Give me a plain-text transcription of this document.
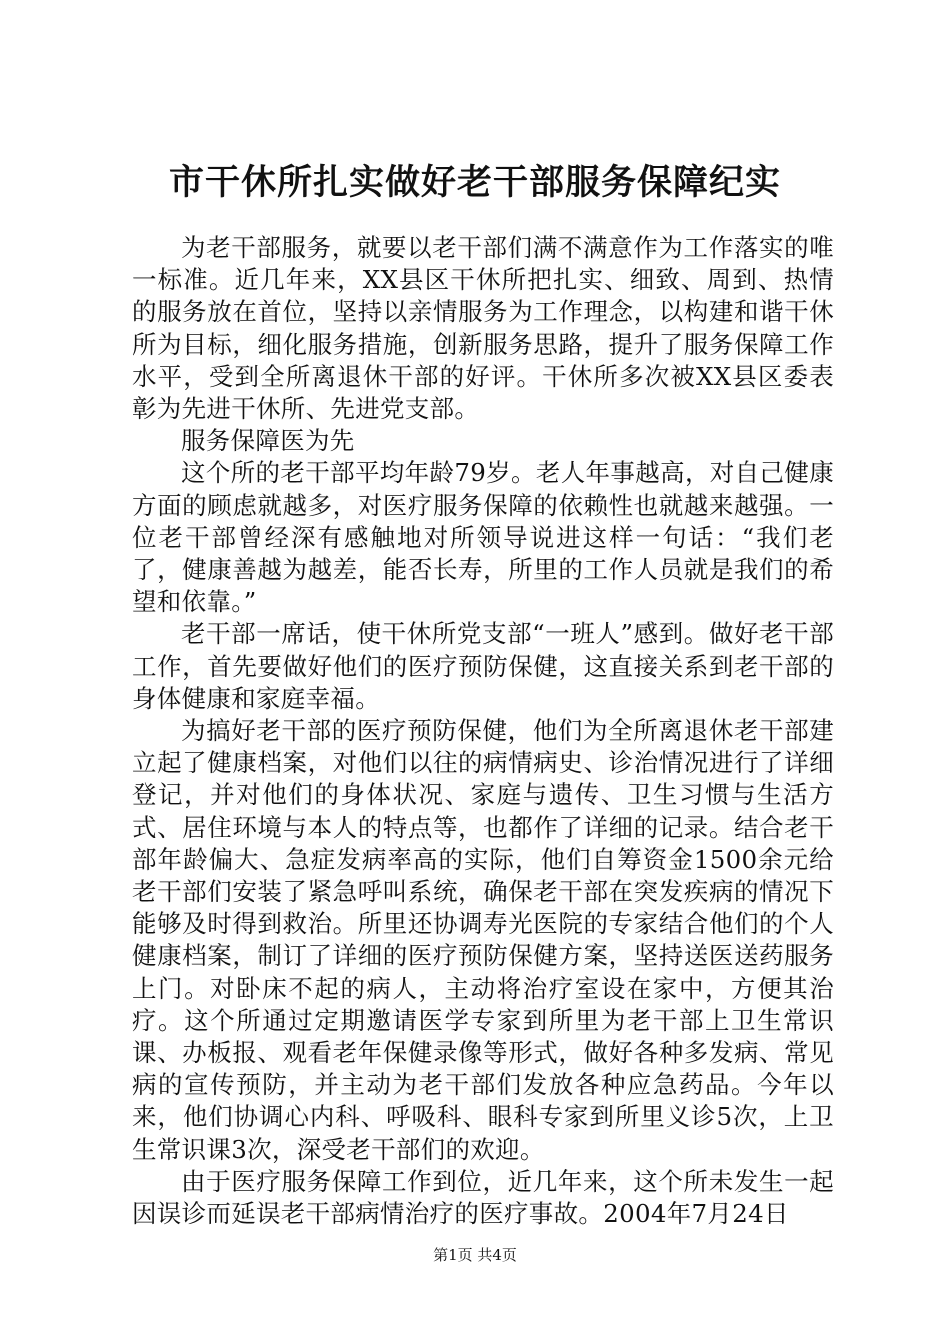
市干休所扎实做好老干部服务保障纪实

为老干部服务，就要以老干部们满不满意作为工作落实的唯一标准。近几年来，XX县区干休所把扎实、细致、周到、热情的服务放在首位，坚持以亲情服务为工作理念，以构建和谐干休所为目标，细化服务措施，创新服务思路，提升了服务保障工作水平，受到全所离退休干部的好评。干休所多次被XX县区委表彰为先进干休所、先进党支部。

服务保障医为先

这个所的老干部平均年龄79岁。老人年事越高，对自己健康方面的顾虑就越多，对医疗服务保障的依赖性也就越来越强。一位老干部曾经深有感触地对所领导说进这样一句话：“我们老了，健康善越为越差，能否长寿，所里的工作人员就是我们的希望和依靠。”

老干部一席话，使干休所党支部“一班人”感到。做好老干部工作，首先要做好他们的医疗预防保健，这直接关系到老干部的身体健康和家庭幸福。

为搞好老干部的医疗预防保健，他们为全所离退休老干部建立起了健康档案，对他们以往的病情病史、诊治情况进行了详细登记，并对他们的身体状况、家庭与遗传、卫生习惯与生活方式、居住环境与本人的特点等，也都作了详细的记录。结合老干部年龄偏大、急症发病率高的实际，他们自筹资金1500余元给老干部们安装了紧急呼叫系统，确保老干部在突发疾病的情况下能够及时得到救治。所里还协调寿光医院的专家结合他们的个人健康档案，制订了详细的医疗预防保健方案，坚持送医送药服务上门。对卧床不起的病人，主动将治疗室设在家中，方便其治疗。这个所通过定期邀请医学专家到所里为老干部上卫生常识课、办板报、观看老年保健录像等形式，做好各种多发病、常见病的宣传预防，并主动为老干部们发放各种应急药品。今年以来，他们协调心内科、呼吸科、眼科专家到所里义诊5次，上卫生常识课3次，深受老干部们的欢迎。

由于医疗服务保障工作到位，近几年来，这个所未发生一起因误诊而延误老干部病情治疗的医疗事故。2004年7月24日

第1页 共4页
